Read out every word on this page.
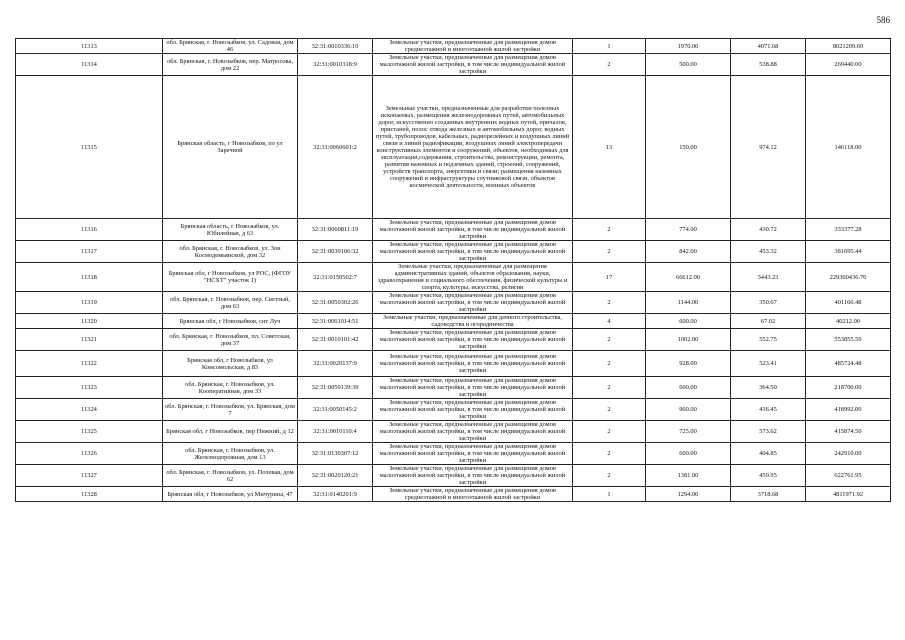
586
11313	обл. Брянская, г. Новозыбков, ул. Садовая, дом 46	32:31:0010336:10	Земельные участки, предназначенные для размещения домов среднеэтажной и многоэтажной жилой застройки	1	1970.00	4071.68	8021209.60
11314	обл. Брянская, г. Новозыбков, пер. Матросова, дом 22	32:31:0010318:9	Земельные участки, предназначенные для размещения домов малоэтажной жилой застройки, в том числе индивидуальной жилой застройки	2	500.00	538.88	269440.00
11315	Брянская область, г Новозыбков, по ул Заречной	32:31:0060601:2	Земельные участки, предназначенные для разработки полезных ископаемых, размещения железнодорожных путей, автомобильных дорог, искусственно созданных внутренних водных путей, причалов, пристаней, полос отвода железных и автомобильных дорог, водных путей, трубопроводов, кабельных, радиорелейных и воздушных линий связи и линий радиофикации, воздушных линий электропередачи конструктивных элементов и сооружений, объектов, необходимых для эксплуатации,содержания, строительства, реконструкции, ремонта, развития наземных и подземных зданий, строений, сооружений, устройств транспорта, энергетики и связи; размещения наземных сооружений и инфраструктуры спутниковой связи, объектов космической деятельности, военных объектов	13	150.00	974.12	146118.00
11316	Брянская область, г Новозыбков, ул. Юбилейная, д 63	32:31:0060811:19	Земельные участки, предназначенные для размещения домов малоэтажной жилой застройки, в том числе индивидуальной жилой застройки	2	774.00	430.72	333377.28
11317	обл. Брянская, г. Новозыбков, ул. Зои Космодемьянской, дом 32	32:31:0030106:32	Земельные участки, предназначенные для размещения домов малоэтажной жилой застройки, в том числе индивидуальной жилой застройки	2	842.00	453.32	381695.44
11318	Брянская обл, г Новозыбков, ул РОС, (ФГОУ "НСХТ" участок 1)	32:31:0150502:7	Земельные участки, предназначенные для размещения административных зданий, объектов образования, науки, здравоохранения и социального обеспечения, физической культуры и спорта, культуры, искусства, религии	17	66612.00	3443.23	229360436.76
11319	обл. Брянская, г. Новозыбков, пер. Светлый, дом 63	32:31:0050302:26	Земельные участки, предназначенные для размещения домов малоэтажной жилой застройки, в том числе индивидуальной жилой застройки	2	1144.00	350.67	401166.48
11320	Брянская обл, г Новозыбков, снт Луч	32:31:0061014:51	Земельные участки, предназначенные для дачного строительства, садоводства и огородничества	4	600.00	67.02	40212.00
11321	обл. Брянская, г. Новозыбков, пл. Советская, дом 37	32:31:0010101:42	Земельные участки, предназначенные для размещения домов малоэтажной жилой застройки, в том числе индивидуальной жилой застройки	2	1002.00	552.75	553855.50
11322	Брянская обл, г Новозыбков, ул Комсомольская, д 83	32:31:0020137:9	Земельные участки, предназначенные для размещения домов малоэтажной жилой застройки, в том числе индивидуальной жилой застройки	2	928.00	523.41	485724.48
11323	обл. Брянская, г. Новозыбков, ул. Кооперативная, дом 33	32:31:0050139:39	Земельные участки, предназначенные для размещения домов малоэтажной жилой застройки, в том числе индивидуальной жилой застройки	2	600.00	364.50	218700.00
11324	обл. Брянская, г. Новозыбков, ул. Брянская, дом 7	32:31:0050145:2	Земельные участки, предназначенные для размещения домов малоэтажной жилой застройки, в том числе индивидуальной жилой застройки	2	960.00	436.45	418992.00
11325	Брянская обл, г Новозыбков, пер Нижний, д 12	32:31:0010110:4	Земельные участки, предназначенные для размещения домов малоэтажной жилой застройки, в том числе индивидуальной жилой застройки	2	725.00	573.62	415874.50
11326	обл. Брянская, г. Новозыбков, ул. Железнодорожная, дом 13	32:31:0130307:12	Земельные участки, предназначенные для размещения домов малоэтажной жилой застройки, в том числе индивидуальной жилой застройки	2	600.00	404.85	242910.00
11327	обл. Брянская, г. Новозыбков, ул. Полевая, дом 62	32:31:0020120:21	Земельные участки, предназначенные для размещения домов малоэтажной жилой застройки, в том числе индивидуальной жилой застройки	2	1381.00	450.95	622761.95
11328	Брянская обл, г Новозыбков, ул Мичурина, 47	32:31:0140201:9	Земельные участки, предназначенные для размещения домов среднеэтажной и многоэтажной жилой застройки	1	1294.00	3718.68	4811971.92
